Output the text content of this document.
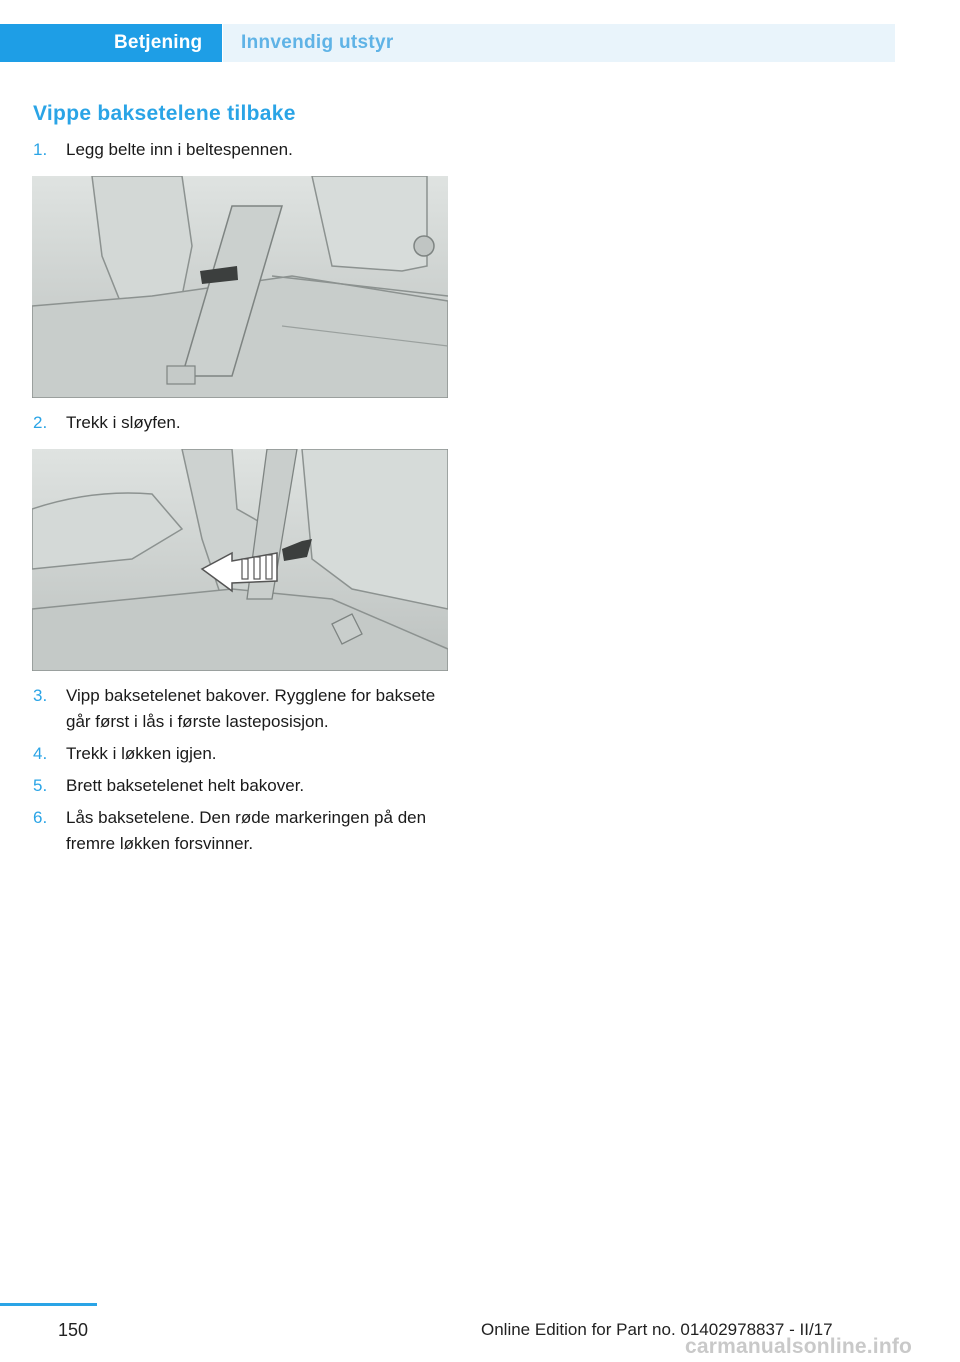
Betjening	Innvendig utstyr
Vippe baksetelene tilbake
1. Legg belte inn i beltespennen.
2. Trekk i sløyfen.
3. Vipp baksetelenet bakover. Rygglene for baksete går først i lås i første lasteposisjon.
4. Trekk i løkken igjen.
5. Brett baksetelenet helt bakover.
6. Lås baksetelene. Den røde markeringen på den fremre løkken forsvinner.
150	Online Edition for Part no. 01402978837 - II/17
carmanualsonline.info
